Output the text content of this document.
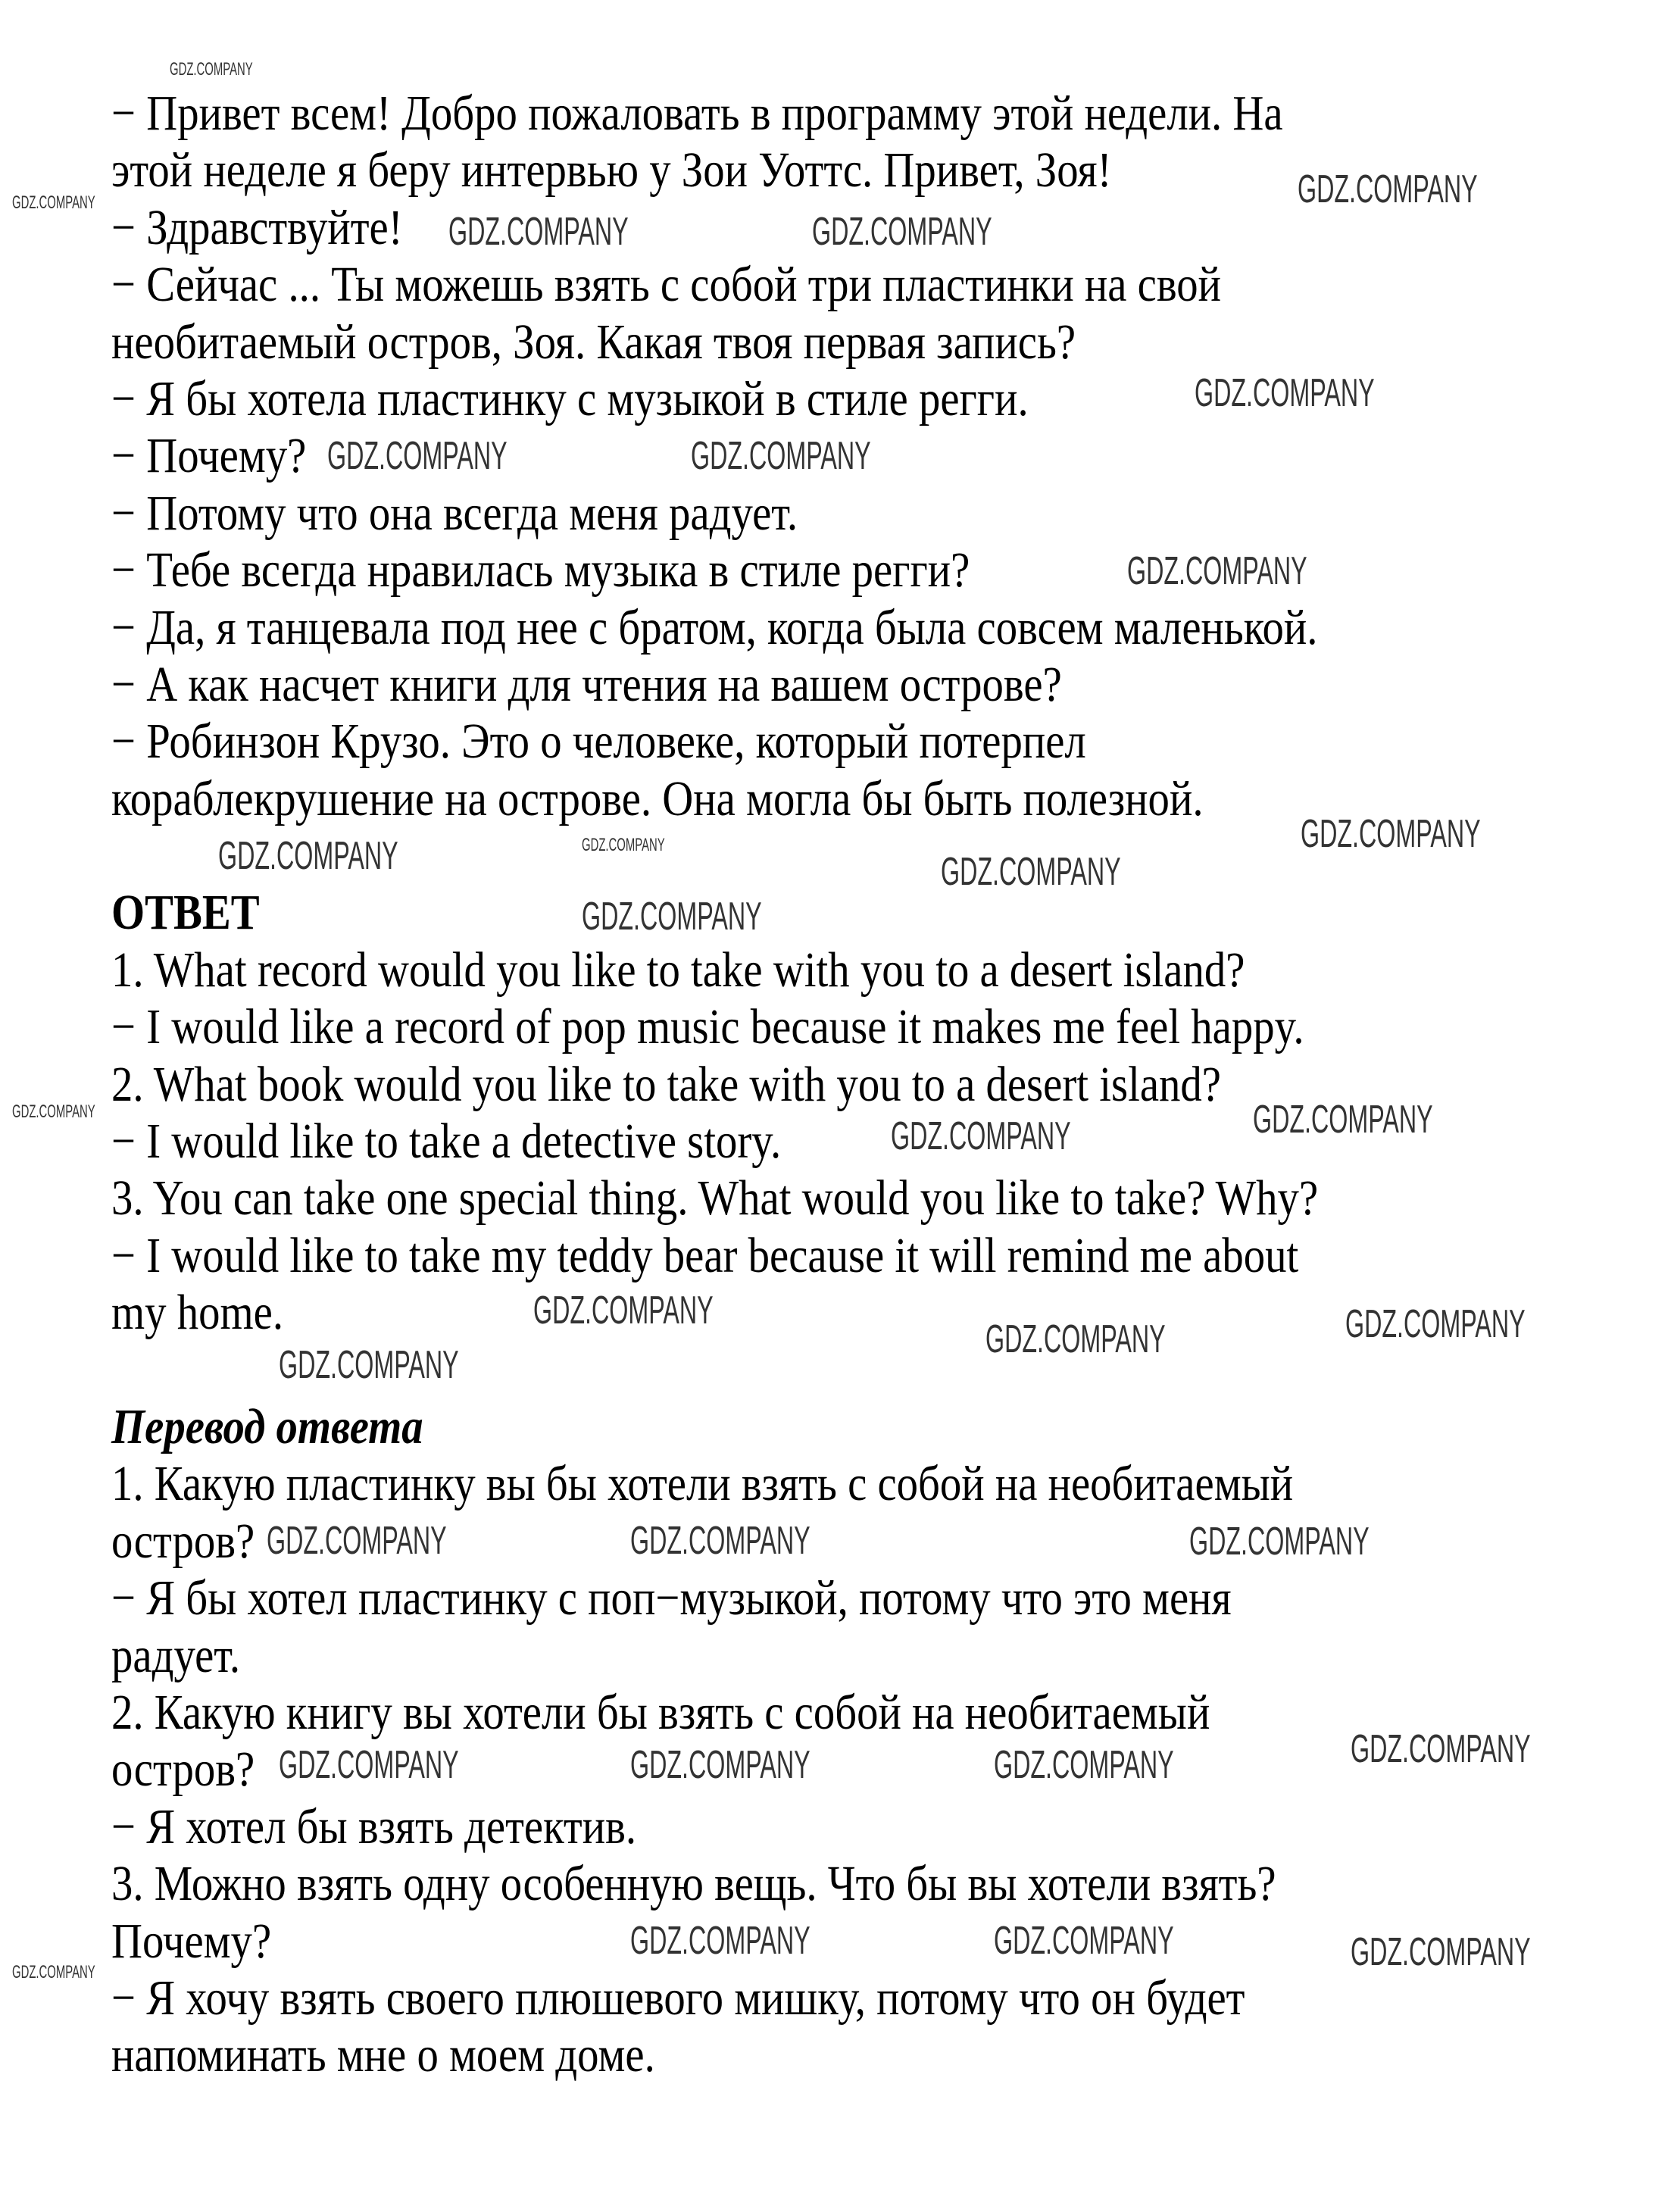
− Привет всем! Добро пожаловать в программу этой недели. На
этой неделе я беру интервью у Зои Уоттс. Привет, Зоя!
− Здравствуйте!
− Сейчас ... Ты можешь взять с собой три пластинки на свой
необитаемый остров, Зоя. Какая твоя первая запись?
− Я бы хотела пластинку с музыкой в стиле регги.
− Почему?
− Потому что она всегда меня радует.
− Тебе всегда нравилась музыка в стиле регги?
− Да, я танцевала под нее с братом, когда была совсем маленькой.
− А как насчет книги для чтения на вашем острове?
− Робинзон Крузо. Это о человеке, который потерпел
кораблекрушение на острове. Она могла бы быть полезной.
ОТВЕТ
1. What record would you like to take with you to a desert island?
− I would like a record of pop music because it makes me feel happy.
2. What book would you like to take with you to a desert island?
− I would like to take a detective story.
3. You can take one special thing. What would you like to take? Why?
− I would like to take my teddy bear because it will remind me about
my home.
Перевод ответа
1. Какую пластинку вы бы хотели взять с собой на необитаемый
остров?
− Я бы хотел пластинку с поп−музыкой, потому что это меня
радует.
2. Какую книгу вы хотели бы взять с собой на необитаемый
остров?
− Я хотел бы взять детектив.
3. Можно взять одну особенную вещь. Что бы вы хотели взять?
Почему?
− Я хочу взять своего плюшевого мишку, потому что он будет
напоминать мне о моем доме.
GDZ.COMPANY
GDZ.COMPANY	GDZ.COMPANY
GDZ.COMPANY
GDZ.COMPANY	GDZ.COMPANY
GDZ.COMPANY
GDZ.COMPANY
GDZ.COMPANY	GDZ.COMPANY
GDZ.COMPANY
GDZ.COMPANY	GDZ.COMPANY
GDZ.COMPANY
GDZ.COMPANY	GDZ.COMPANY
GDZ.COMPANY
GDZ.COMPANY	GDZ.COMPANY
GDZ.COMPANY
GDZ.COMPANY	GDZ.COMPANY	GDZ.COMPANY	GDZ.COMPANY
GDZ.COMPANY	GDZ.COMPANY	GDZ.COMPANY
GDZ.COMPANY
GDZ.COMPANY
GDZ.COMPANY
GDZ.COMPANY
GDZ.COMPANY
